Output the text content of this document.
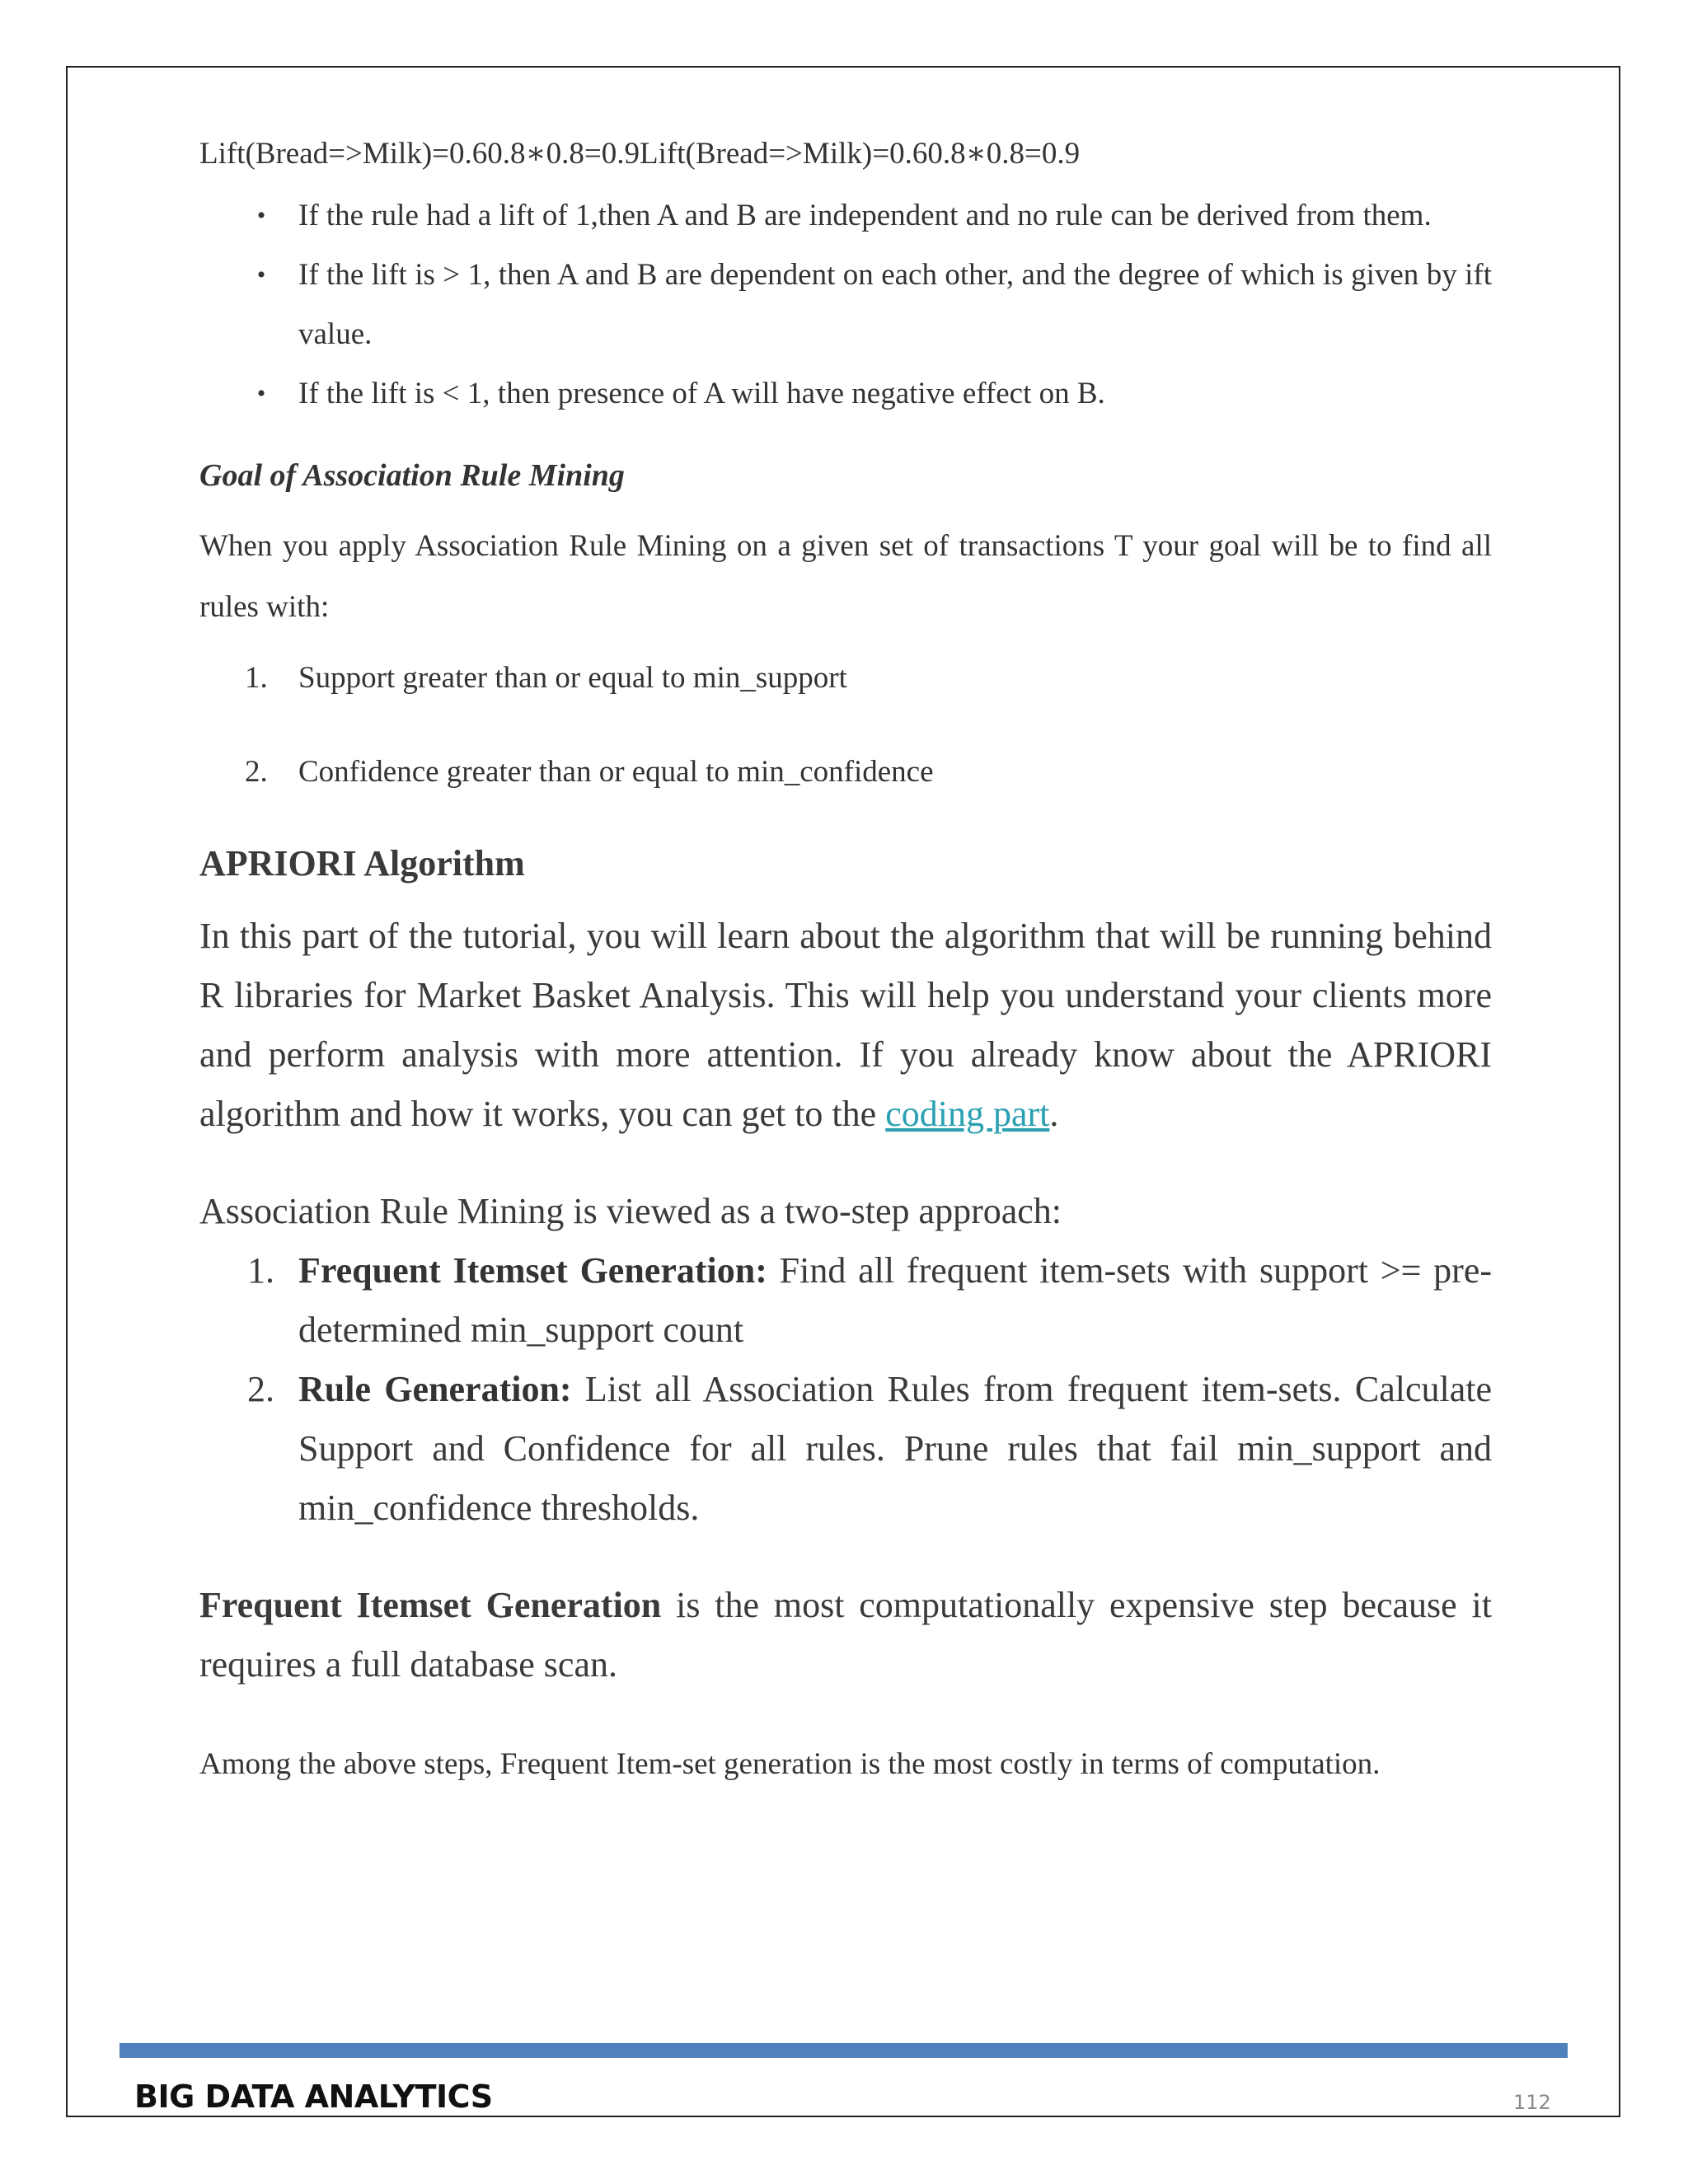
Lift(Bread=>Milk)=0.60.8∗0.8=0.9Lift(Bread=>Milk)=0.60.8∗0.8=0.9

• If the rule had a lift of 1,then A and B are independent and no rule can be derived from them.
• If the lift is > 1, then A and B are dependent on each other, and the degree of which is given by ift value.
• If the lift is < 1, then presence of A will have negative effect on B.

Goal of Association Rule Mining

When you apply Association Rule Mining on a given set of transactions T your goal will be to find all rules with:

1.	Support greater than or equal to min_support
2.	Confidence greater than or equal to min_confidence

APRIORI Algorithm

In this part of the tutorial, you will learn about the algorithm that will be running behind R libraries for Market Basket Analysis. This will help you understand your clients more and perform analysis with more attention. If you already know about the APRIORI algorithm and how it works, you can get to the coding part.

Association Rule Mining is viewed as a two-step approach:

1. Frequent Itemset Generation: Find all frequent item-sets with support >= pre-determined min_support count
2. Rule Generation: List all Association Rules from frequent item-sets. Calculate Support and Confidence for all rules. Prune rules that fail min_support and min_confidence thresholds.

Frequent Itemset Generation is the most computationally expensive step because it requires a full database scan.

Among the above steps, Frequent Item-set generation is the most costly in terms of computation.

BIG DATA ANALYTICS	112
